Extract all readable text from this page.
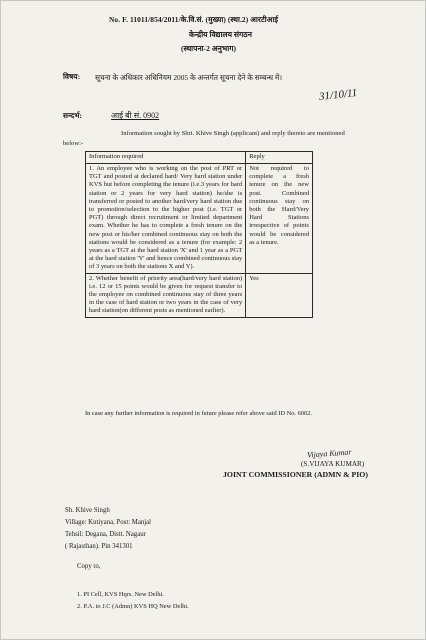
No. F. 11011/854/2011/के.वि.सं. (मुख्या) (स्था.2) आरटीआई
केन्द्रीय विद्यालय संगठन
(स्थापना-2 अनुभाग)
विषय: सूचना के अधिकार अधिनियम 2005 के अन्तर्गत सूचना देने के सम्बन्ध में।
31/10/11
सन्दर्भ:	आई बी सं. 0902
Information sought by Shri. Khive Singh (applicant) and reply thereto are mentioned below:-
Information required	Reply
1. An employee who is working on the post of PRT or TGT and posted at declared hard/ Very hard station under KVS but before completing the tenure (i.e.3 years for hard station or 2 years for very hard station) he/she is transferred or posted to another hard/very hard station due to promotion/selection to the higher post (i.e. TGT or PGT) through direct recruitment or limited department exam. Whether he has to complete a fresh tenure on the new post or his/her combined continuous stay on both the stations would be considered as a tenure (for example: 2 years as a TGT at the hard station 'X' and 1 year as a PGT at the hard station 'Y' and hence combined continuous stay of 3 years on both the stations X and Y).	Not required to complete a fresh tenure on the new post. Combined continuous stay on both the Hard/Very Hard Stations irrespective of points would be considered as a tenure.
2. Whether benefit of priority area(hard/very hard station) i.e. 12 or 15 points would be given for request transfer to the employee on combined continuous stay of three years in the case of hard station or two years in the case of very hard station(on different posts as mentioned earlier).	Yes
In case any further information is required in future please refer above said ID No. 6002.
Vijaya Kumar
(S.VIJAYA KUMAR)
JOINT COMMISSIONER (ADMN & PIO)
Sh. Khive Singh
Village: Kutiyana, Post: Manjal
Tehsil: Degana, Distt. Nagaur
( Rajasthan). Pin 341301
Copy to,
1. PI Cell, KVS Hqrs. New Delhi.
2. P.A. to J.C (Admn) KVS HQ New Delhi.
